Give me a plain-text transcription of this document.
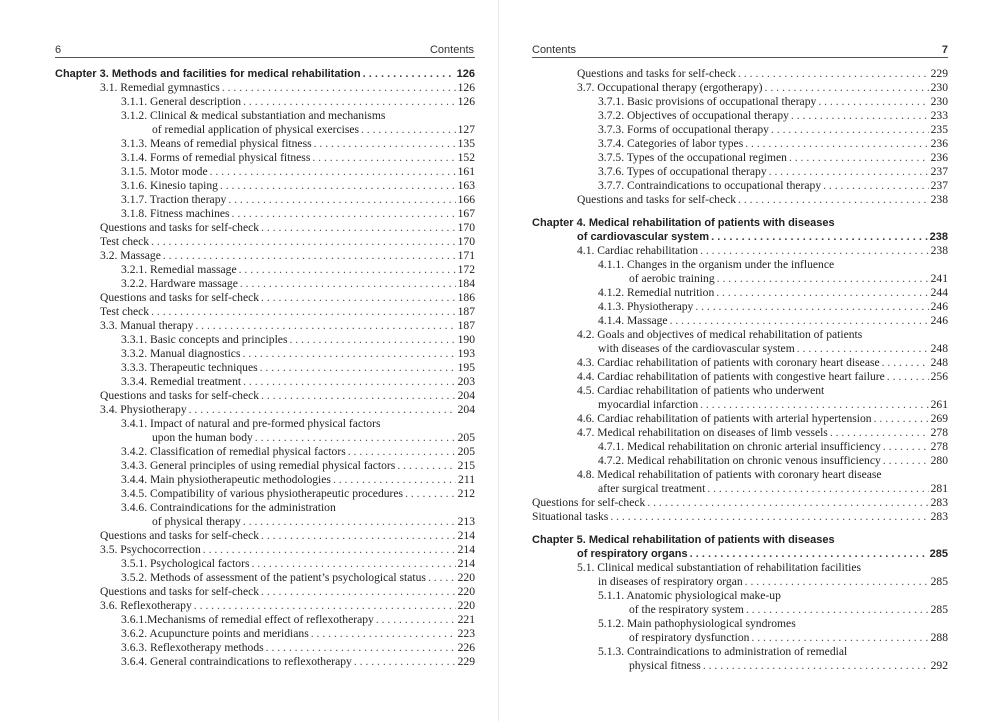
6	Contents
Chapter 3. Methods and facilities for medical rehabilitation . . .	126
3.1. Remedial gymnastics . . .	126
3.1.1. General description . . .	126
3.1.2. Clinical & medical substantiation and mechanisms
of remedial application of physical exercises . . .	127
3.1.3. Means of remedial physical fitness . . .	135
3.1.4. Forms of remedial physical fitness . . .	152
3.1.5. Motor mode . . .	161
3.1.6. Kinesio taping . . .	163
3.1.7. Traction therapy . . .	166
3.1.8. Fitness machines . . .	167
Questions and tasks for self-check . . .	170
Test check . . .	170
3.2. Massage . . .	171
3.2.1. Remedial massage . . .	172
3.2.2. Hardware massage . . .	184
Questions and tasks for self-check . . .	186
Test check . . .	187
3.3. Manual therapy . . .	187
3.3.1. Basic concepts and principles . . .	190
3.3.2. Manual diagnostics . . .	193
3.3.3. Therapeutic techniques . . .	195
3.3.4. Remedial treatment . . .	203
Questions and tasks for self-check . . .	204
3.4. Physiotherapy . . .	204
3.4.1. Impact of natural and pre-formed physical factors
upon the human body . . .	205
3.4.2. Classification of remedial physical factors . . .	205
3.4.3. General principles of using remedial physical factors . . .	215
3.4.4. Main physiotherapeutic methodologies . . .	211
3.4.5. Compatibility of various physiotherapeutic procedures . . .	212
3.4.6. Contraindications for the administration
of physical therapy . . .	213
Questions and tasks for self-check . . .	214
3.5. Psychocorrection . . .	214
3.5.1. Psychological factors . . .	214
3.5.2. Methods of assessment of the patient’s psychological status . . .	220
Questions and tasks for self-check . . .	220
3.6. Reflexotherapy . . .	220
3.6.1.Mechanisms of remedial effect of reflexotherapy . . .	221
3.6.2. Acupuncture points and meridians . . .	223
3.6.3. Reflexotherapy methods . . .	226
3.6.4. General contraindications to reflexotherapy . . .	229
Contents	7
Questions and tasks for self-check . . .	229
3.7. Occupational therapy (ergotherapy) . . .	230
3.7.1. Basic provisions of occupational therapy . . .	230
3.7.2. Objectives of occupational therapy . . .	233
3.7.3. Forms of occupational therapy . . .	235
3.7.4. Categories of labor types . . .	236
3.7.5. Types of the occupational regimen . . .	236
3.7.6. Types of occupational therapy . . .	237
3.7.7. Contraindications to occupational therapy . . .	237
Questions and tasks for self-check . . .	238
Chapter 4. Medical rehabilitation of patients with diseases
of cardiovascular system . . .	238
4.1. Cardiac rehabilitation . . .	238
4.1.1. Changes in the organism under the influence
of aerobic training . . .	241
4.1.2. Remedial nutrition . . .	244
4.1.3. Physiotherapy . . .	246
4.1.4. Massage . . .	246
4.2. Goals and objectives of medical rehabilitation of patients
with diseases of the cardiovascular system . . .	248
4.3. Cardiac rehabilitation of patients with coronary heart disease . . .	248
4.4. Cardiac rehabilitation of patients with congestive heart failure . . .	256
4.5. Cardiac rehabilitation of patients who underwent
myocardial infarction . . .	261
4.6. Cardiac rehabilitation of patients with arterial hypertension . . .	269
4.7. Medical rehabilitation on diseases of limb vessels . . .	278
4.7.1. Medical rehabilitation on chronic arterial insufficiency . . .	278
4.7.2. Medical rehabilitation on chronic venous insufficiency . . .	280
4.8. Medical rehabilitation of patients with coronary heart disease
after surgical treatment . . .	281
Questions for self-check . . .	283
Situational tasks . . .	283
Chapter 5. Medical rehabilitation of patients with diseases
of respiratory organs . . .	285
5.1. Clinical medical substantiation of rehabilitation facilities
in diseases of respiratory organ . . .	285
5.1.1. Anatomic physiological make-up
of the respiratory system . . .	285
5.1.2. Main pathophysiological syndromes
of respiratory dysfunction . . .	288
5.1.3. Contraindications to administration of remedial
physical fitness . . .	292
